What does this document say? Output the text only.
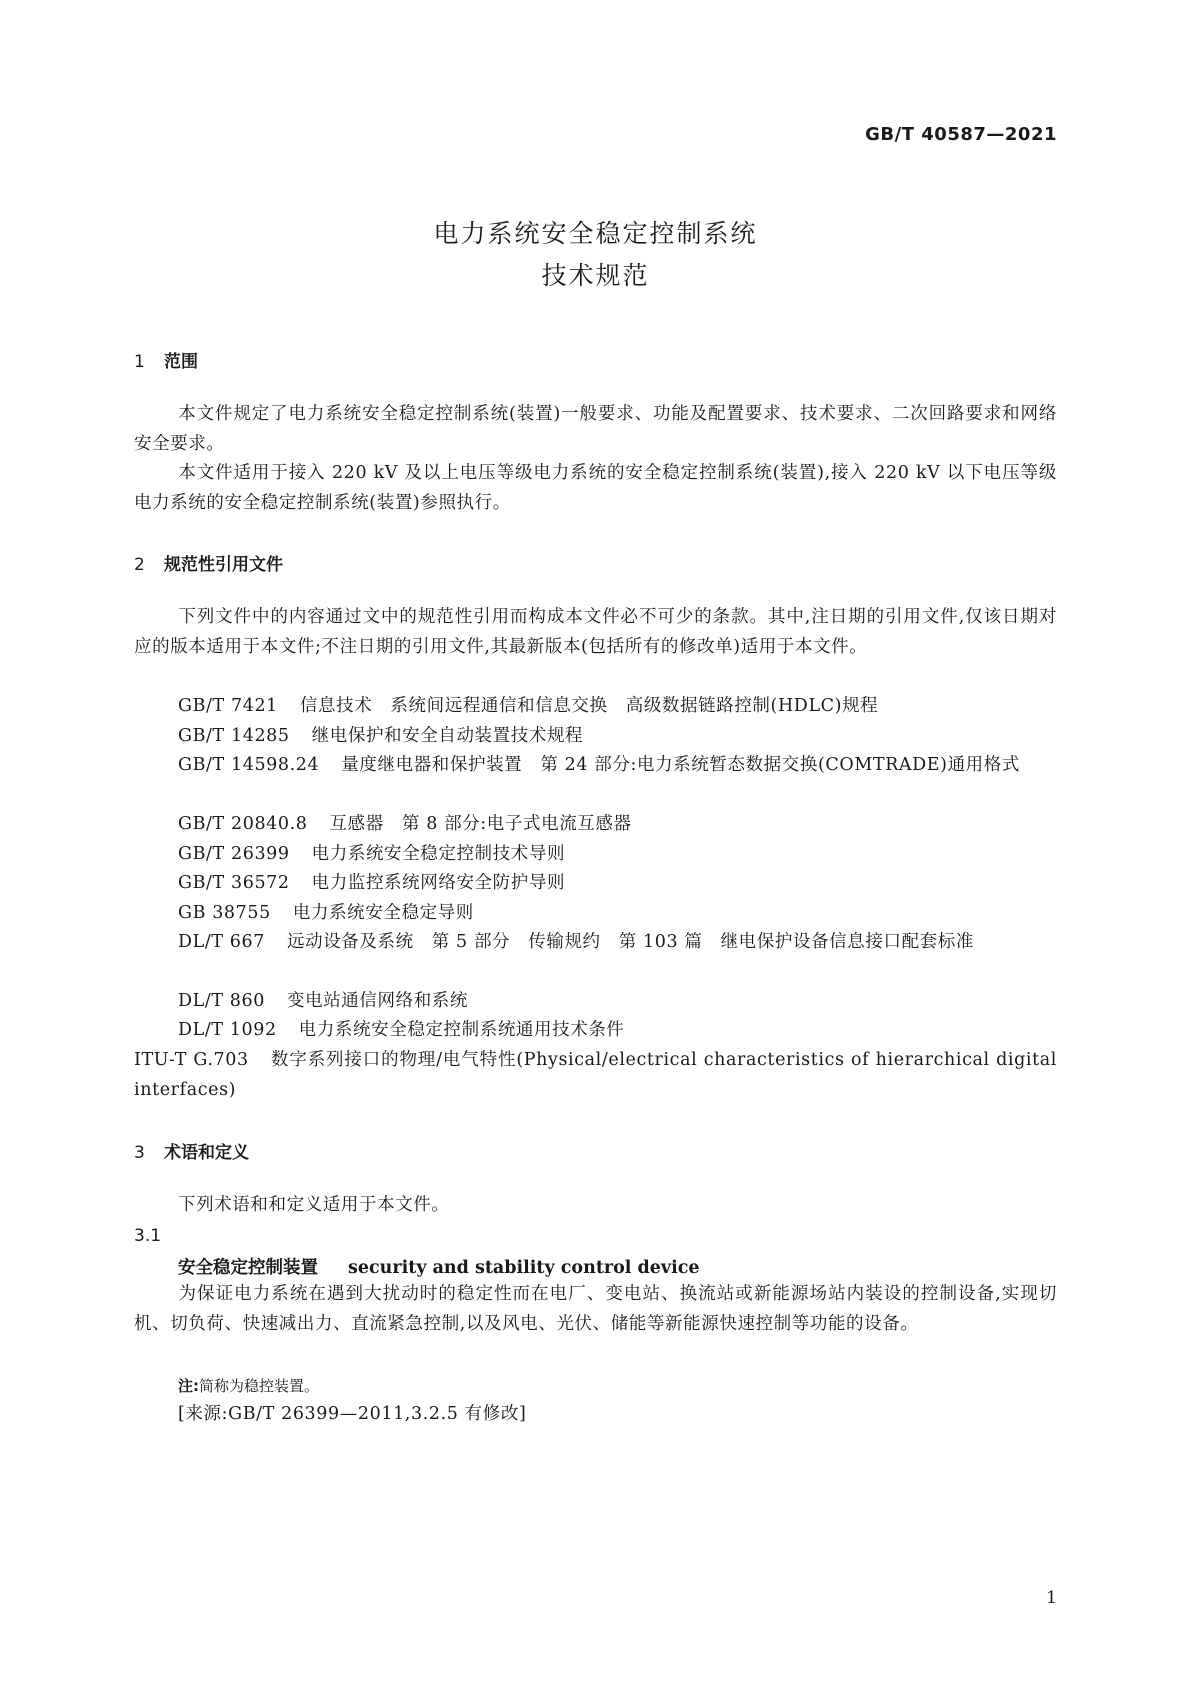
GB/T 40587—2021
电力系统安全稳定控制系统
技术规范
1 范围
本文件规定了电力系统安全稳定控制系统(装置)一般要求、功能及配置要求、技术要求、二次回路要求和网络安全要求。
本文件适用于接入 220 kV 及以上电压等级电力系统的安全稳定控制系统(装置),接入 220 kV 以下电压等级电力系统的安全稳定控制系统(装置)参照执行。
2 规范性引用文件
下列文件中的内容通过文中的规范性引用而构成本文件必不可少的条款。其中,注日期的引用文件,仅该日期对应的版本适用于本文件;不注日期的引用文件,其最新版本(包括所有的修改单)适用于本文件。
GB/T 7421 信息技术　系统间远程通信和信息交换　高级数据链路控制(HDLC)规程
GB/T 14285 继电保护和安全自动装置技术规程
GB/T 14598.24 量度继电器和保护装置　第 24 部分:电力系统暂态数据交换(COMTRADE)通用格式
GB/T 20840.8 互感器　第 8 部分:电子式电流互感器
GB/T 26399 电力系统安全稳定控制技术导则
GB/T 36572 电力监控系统网络安全防护导则
GB 38755 电力系统安全稳定导则
DL/T 667 远动设备及系统　第 5 部分　传输规约　第 103 篇　继电保护设备信息接口配套标准
DL/T 860 变电站通信网络和系统
DL/T 1092 电力系统安全稳定控制系统通用技术条件
ITU-T G.703 数字系列接口的物理/电气特性(Physical/electrical characteristics of hierarchical digital interfaces)
3 术语和定义
下列术语和和定义适用于本文件。
3.1
安全稳定控制装置 security and stability control device
为保证电力系统在遇到大扰动时的稳定性而在电厂、变电站、换流站或新能源场站内装设的控制设备,实现切机、切负荷、快速减出力、直流紧急控制,以及风电、光伏、储能等新能源快速控制等功能的设备。
注:简称为稳控装置。
[来源:GB/T 26399—2011,3.2.5 有修改]
1
